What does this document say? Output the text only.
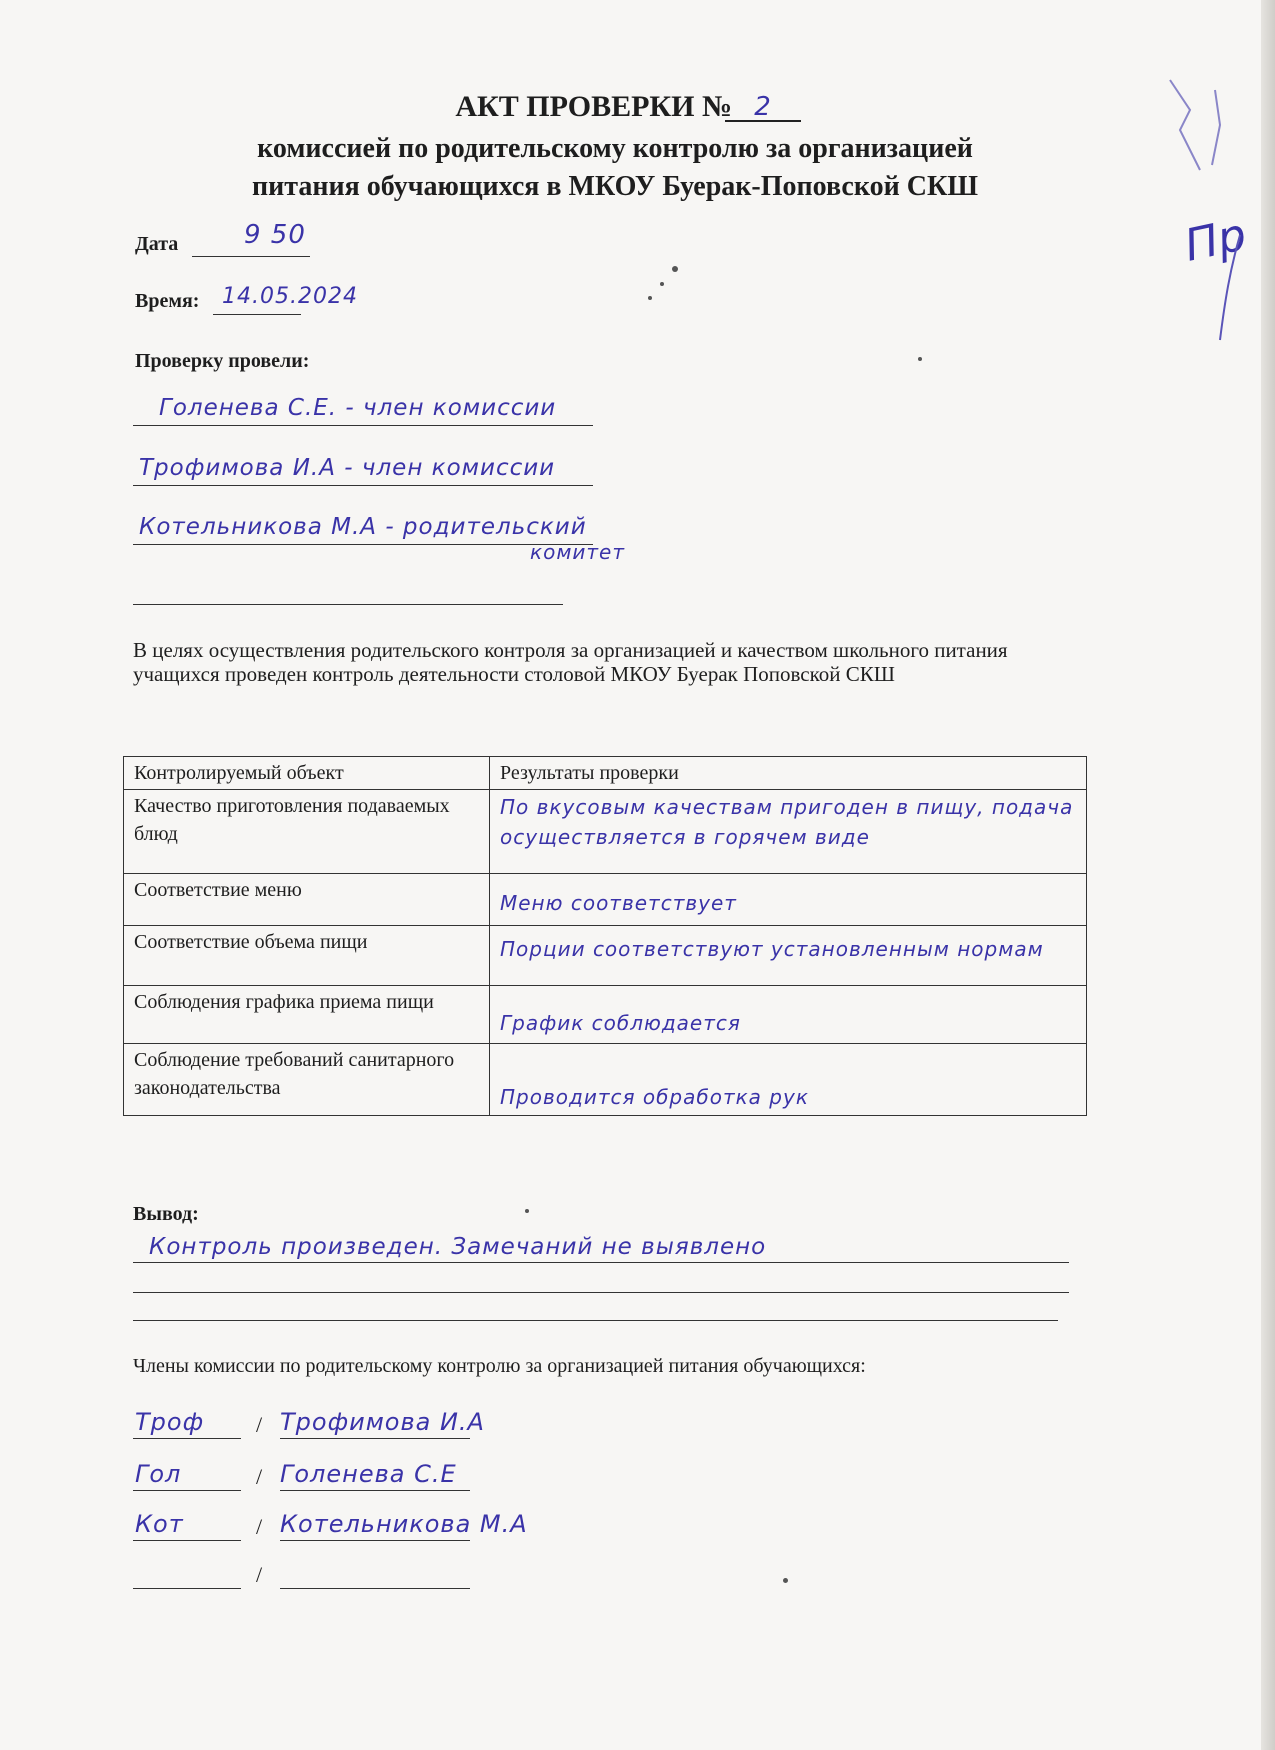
АКТ ПРОВЕРКИ № 2
комиссией по родительскому контролю за организацией
питания обучающихся в МКОУ Буерак-Поповской СКШ
Дата	9 50
Время: 14.05.2024
Проверку провели:
Голенева С.Е. - член комиссии
Трофимова И.А - член комиссии
Котельникова М.А - родительский
комитет
В целях осуществления родительского контроля за организацией и качеством школьного питания учащихся проведен контроль деятельности столовой МКОУ Буерак Поповской СКШ
Контролируемый объект	Результаты проверки
Качество приготовления подаваемых блюд	По вкусовым качествам пригоден в пищу, подача осуществляется в горячем виде
Соответствие меню	Меню соответствует
Соответствие объема пищи	Порции соответствуют установленным нормам
Соблюдения графика приема пищи	График соблюдается
Соблюдение требований санитарного законодательства	Проводится обработка рук
Вывод:
Контроль произведен. Замечаний не выявлено
Члены комиссии по родительскому контролю за организацией питания обучающихся:
Троф / Трофимова И.А
Гол	/ Голенева С.Е
Кот	/ Котельникова М.А
/
Пр
